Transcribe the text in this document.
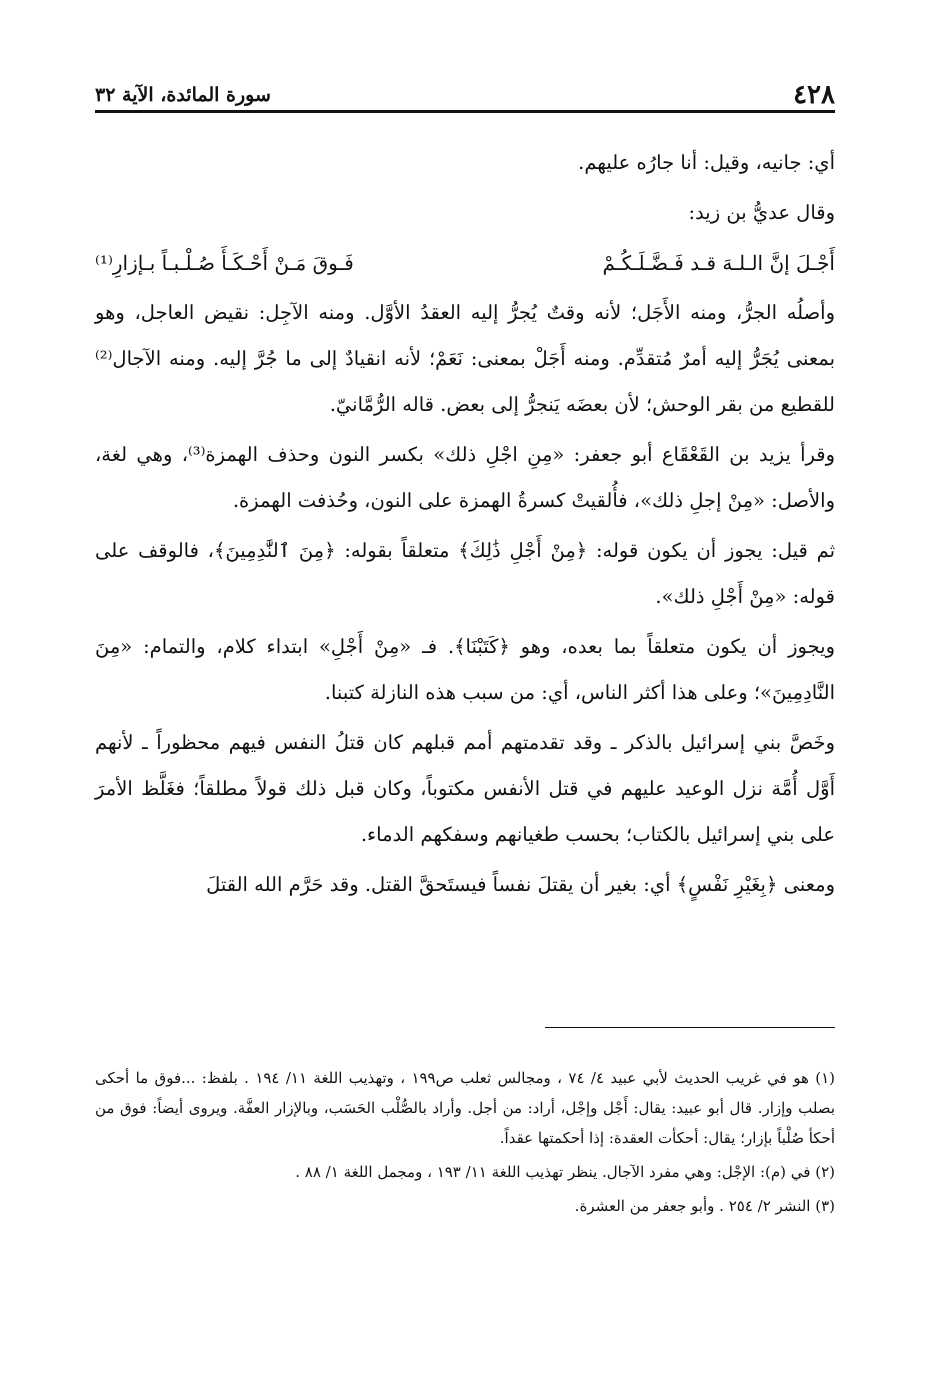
٤٢٨
سورة المائدة، الآية ٣٢

أي: جانيه، وقيل: أنا جارُه عليهم.

وقال عديُّ بن زيد:

أَجْـلَ إنَّ الـلـهَ قـد فَـضَّـلَـكُـمْ
فَـوقَ مَـنْ أَحْـكَـأَ صُـلْـبـاً بـإزارِ⁽¹⁾

وأصلُه الجرُّ، ومنه الأَجَل؛ لأنه وقتٌ يُجرُّ إليه العقدُ الأوَّل. ومنه الآجِل: نقيض العاجل، وهو بمعنى يُجَرُّ إليه أمرٌ مُتقدِّم. ومنه أَجَلْ بمعنى: نَعَمْ؛ لأنه انقيادٌ إلى ما جُرَّ إليه. ومنه الآجال⁽²⁾ للقطيع من بقر الوحش؛ لأن بعضَه يَنجرُّ إلى بعض. قاله الرُّمَّانيّ.

وقرأ يزيد بن القَعْقَاع أبو جعفر: «مِنِ اجْلِ ذلك» بكسر النون وحذف الهمزة⁽³⁾، وهي لغة، والأصل: «مِنْ إجلِ ذلك»، فأُلقيتْ كسرةُ الهمزة على النون، وحُذفت الهمزة.

ثم قيل: يجوز أن يكون قوله: ﴿مِنْ أَجْلِ ذَٰلِكَ﴾ متعلقاً بقوله: ﴿مِنَ ٱلنَّٰدِمِينَ﴾، فالوقف على قوله: «مِنْ أَجْلِ ذلك».

ويجوز أن يكون متعلقاً بما بعده، وهو ﴿كَتَبْنَا﴾. فـ «مِنْ أَجْلِ» ابتداء كلام، والتمام: «مِنَ النَّادِمِينَ»؛ وعلى هذا أكثر الناس، أي: من سبب هذه النازلة كتبنا.

وخَصَّ بني إسرائيل بالذكر ـ وقد تقدمتهم أمم قبلهم كان قتلُ النفس فيهم محظوراً ـ لأنهم أَوَّل أُمَّة نزل الوعيد عليهم في قتل الأنفس مكتوباً، وكان قبل ذلك قولاً مطلقاً؛ فغَلَّظ الأمرَ على بني إسرائيل بالكتاب؛ بحسب طغيانهم وسفكهم الدماء.

ومعنى ﴿بِغَيْرِ نَفْسٍ﴾ أي: بغير أن يقتلَ نفساً فيستَحقَّ القتل. وقد حَرَّم الله القتلَ

(١) هو في غريب الحديث لأبي عبيد ٤/ ٧٤ ، ومجالس ثعلب ص١٩٩ ، وتهذيب اللغة ١١/ ١٩٤ . بلفظ: ...فوق ما أحكى بصلب وإزار. قال أبو عبيد: يقال: أَجْل وإجْل، أراد: من أجل. وأراد بالصُّلْب الحَسَب، وبالإزار العفَّة. ويروى أيضاً: فوق من أحكأ صُلْباً بإزار؛ يقال: أحكأت العقدة: إذا أحكمتها عقداً.

(٢) في (م): الإجْل: وهي مفرد الآجال. ينظر تهذيب اللغة ١١/ ١٩٣ ، ومجمل اللغة ١/ ٨٨ .

(٣) النشر ٢/ ٢٥٤ . وأبو جعفر من العشرة.
